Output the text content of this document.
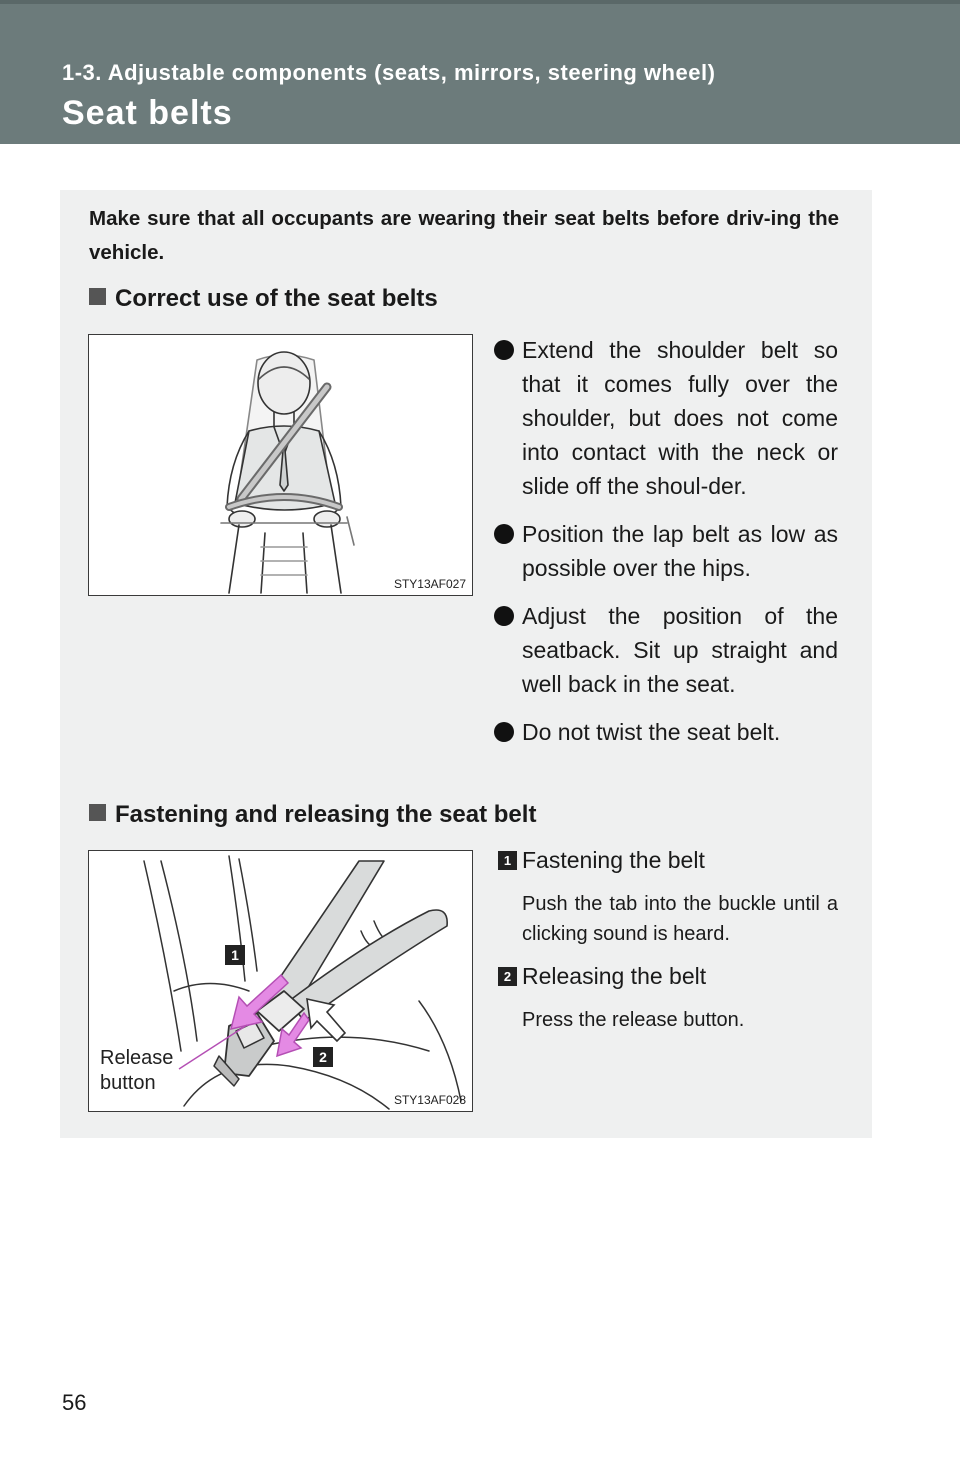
1-3. Adjustable components (seats, mirrors, steering wheel)
Seat belts
Make sure that all occupants are wearing their seat belts before driv-ing the vehicle.
Correct use of the seat belts
STY13AF027
Extend the shoulder belt so that it comes fully over the shoulder, but does not come into contact with the neck or slide off the shoul-der.
Position the lap belt as low as possible over the hips.
Adjust the position of the seatback. Sit up straight and well back in the seat.
Do not twist the seat belt.
Fastening and releasing the seat belt
1
2
Release
button
STY13AF028
1 Fastening the belt
Push the tab into the buckle until a clicking sound is heard.
2 Releasing the belt
Press the release button.
56
